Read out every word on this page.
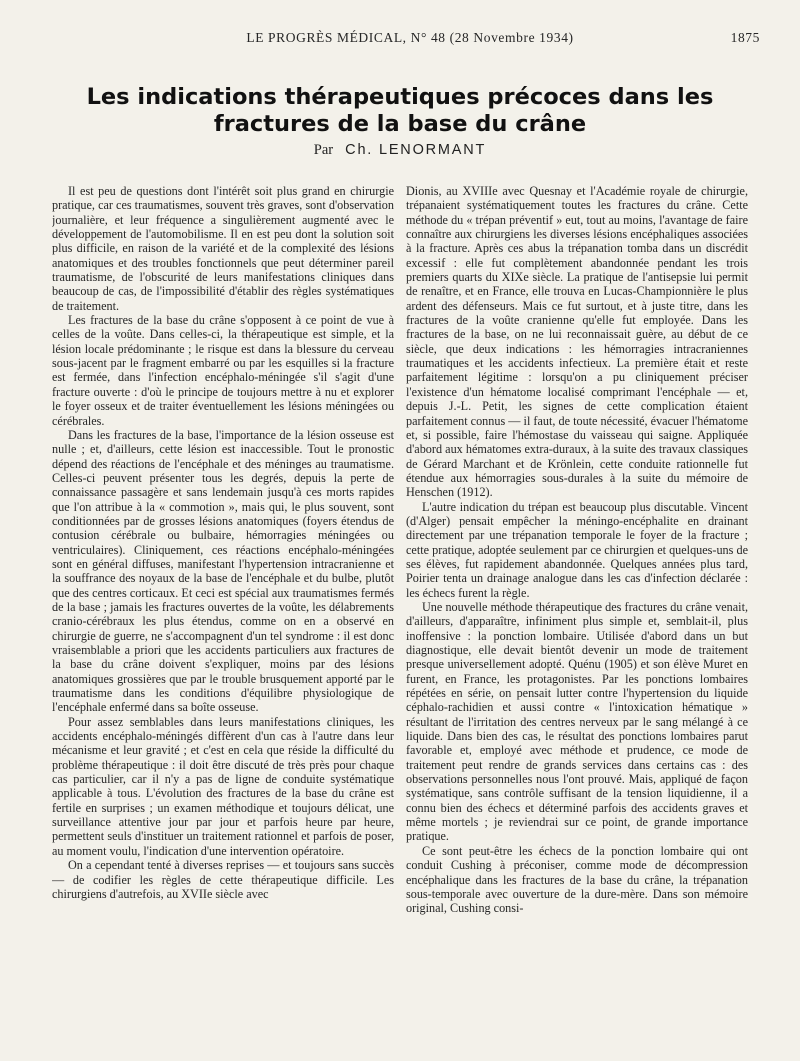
LE PROGRÈS MÉDICAL, N° 48 (28 Novembre 1934)	1875
Les indications thérapeutiques précoces dans les fractures de la base du crâne
Par Ch. LENORMANT

Il est peu de questions dont l'intérêt soit plus grand en chirurgie pratique, car ces traumatismes, souvent très graves, sont d'observation journalière, et leur fréquence a singulièrement augmenté avec le développement de l'automobilisme. Il en est peu dont la solution soit plus difficile, en raison de la variété et de la complexité des lésions anatomiques et des troubles fonctionnels que peut déterminer pareil traumatisme, de l'obscurité de leurs manifestations cliniques dans beaucoup de cas, de l'impossibilité d'établir des règles systématiques de traitement.

Les fractures de la base du crâne s'opposent à ce point de vue à celles de la voûte. Dans celles-ci, la thérapeutique est simple, et la lésion locale prédominante ; le risque est dans la blessure du cerveau sous-jacent par le fragment embarré ou par les esquilles si la fracture est fermée, dans l'infection encéphalo-méningée s'il s'agit d'une fracture ouverte : d'où le principe de toujours mettre à nu et explorer le foyer osseux et de traiter éventuellement les lésions méningées ou cérébrales.

Dans les fractures de la base, l'importance de la lésion osseuse est nulle ; et, d'ailleurs, cette lésion est inaccessible. Tout le pronostic dépend des réactions de l'encéphale et des méninges au traumatisme. Celles-ci peuvent présenter tous les degrés, depuis la perte de connaissance passagère et sans lendemain jusqu'à ces morts rapides que l'on attribue à la « commotion », mais qui, le plus souvent, sont conditionnées par de grosses lésions anatomiques (foyers étendus de contusion cérébrale ou bulbaire, hémorragies méningées ou ventriculaires). Cliniquement, ces réactions encéphalo-méningées sont en général diffuses, manifestant l'hypertension intracranienne et la souffrance des noyaux de la base de l'encéphale et du bulbe, plutôt que des centres corticaux. Et ceci est spécial aux traumatismes fermés de la base ; jamais les fractures ouvertes de la voûte, les délabrements cranio-cérébraux les plus étendus, comme on en a observé en chirurgie de guerre, ne s'accompagnent d'un tel syndrome : il est donc vraisemblable a priori que les accidents particuliers aux fractures de la base du crâne doivent s'expliquer, moins par des lésions anatomiques grossières que par le trouble brusquement apporté par le traumatisme dans les conditions d'équilibre physiologique de l'encéphale enfermé dans sa boîte osseuse.

Pour assez semblables dans leurs manifestations cliniques, les accidents encéphalo-méningés diffèrent d'un cas à l'autre dans leur mécanisme et leur gravité ; et c'est en cela que réside la difficulté du problème thérapeutique : il doit être discuté de très près pour chaque cas particulier, car il n'y a pas de ligne de conduite systématique applicable à tous. L'évolution des fractures de la base du crâne est fertile en surprises ; un examen méthodique et toujours délicat, une surveillance attentive jour par jour et parfois heure par heure, permettent seuls d'instituer un traitement rationnel et parfois de poser, au moment voulu, l'indication d'une intervention opératoire.

On a cependant tenté à diverses reprises — et toujours sans succès — de codifier les règles de cette thérapeutique difficile. Les chirurgiens d'autrefois, au XVIIe siècle avec

Dionis, au XVIIIe avec Quesnay et l'Académie royale de chirurgie, trépanaient systématiquement toutes les fractures du crâne. Cette méthode du « trépan préventif » eut, tout au moins, l'avantage de faire connaître aux chirurgiens les diverses lésions encéphaliques associées à la fracture. Après ces abus la trépanation tomba dans un discrédit excessif : elle fut complètement abandonnée pendant les trois premiers quarts du XIXe siècle. La pratique de l'antisepsie lui permit de renaître, et en France, elle trouva en Lucas-Championnière le plus ardent des défenseurs. Mais ce fut surtout, et à juste titre, dans les fractures de la voûte cranienne qu'elle fut employée. Dans les fractures de la base, on ne lui reconnaissait guère, au début de ce siècle, que deux indications : les hémorragies intracraniennes traumatiques et les accidents infectieux. La première était et reste parfaitement légitime : lorsqu'on a pu cliniquement préciser l'existence d'un hématome localisé comprimant l'encéphale — et, depuis J.-L. Petit, les signes de cette complication étaient parfaitement connus — il faut, de toute nécessité, évacuer l'hématome et, si possible, faire l'hémostase du vaisseau qui saigne. Appliquée d'abord aux hématomes extra-duraux, à la suite des travaux classiques de Gérard Marchant et de Krönlein, cette conduite rationnelle fut étendue aux hémorragies sous-durales à la suite du mémoire de Henschen (1912).

L'autre indication du trépan est beaucoup plus discutable. Vincent (d'Alger) pensait empêcher la méningo-encéphalite en drainant directement par une trépanation temporale le foyer de la fracture ; cette pratique, adoptée seulement par ce chirurgien et quelques-uns de ses élèves, fut rapidement abandonnée. Quelques années plus tard, Poirier tenta un drainage analogue dans les cas d'infection déclarée : les échecs furent la règle.

Une nouvelle méthode thérapeutique des fractures du crâne venait, d'ailleurs, d'apparaître, infiniment plus simple et, semblait-il, plus inoffensive : la ponction lombaire. Utilisée d'abord dans un but diagnostique, elle devait bientôt devenir un mode de traitement presque universellement adopté. Quénu (1905) et son élève Muret en furent, en France, les protagonistes. Par les ponctions lombaires répétées en série, on pensait lutter contre l'hypertension du liquide céphalo-rachidien et aussi contre « l'intoxication hématique » résultant de l'irritation des centres nerveux par le sang mélangé à ce liquide. Dans bien des cas, le résultat des ponctions lombaires parut favorable et, employé avec méthode et prudence, ce mode de traitement peut rendre de grands services dans certains cas : des observations personnelles nous l'ont prouvé. Mais, appliqué de façon systématique, sans contrôle suffisant de la tension liquidienne, il a connu bien des échecs et déterminé parfois des accidents graves et même mortels ; je reviendrai sur ce point, de grande importance pratique.

Ce sont peut-être les échecs de la ponction lombaire qui ont conduit Cushing à préconiser, comme mode de décompression encéphalique dans les fractures de la base du crâne, la trépanation sous-temporale avec ouverture de la dure-mère. Dans son mémoire original, Cushing consi-
